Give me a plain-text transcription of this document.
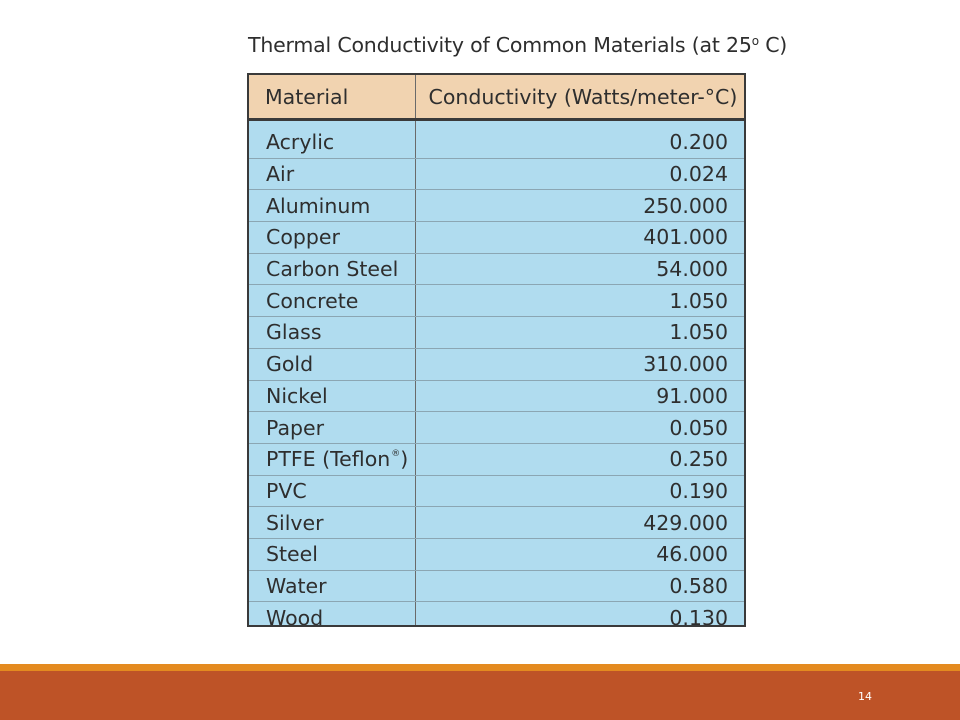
Thermal Conductivity of Common Materials (at 25$^o$ C)
Material	Conductivity (Watts/meter-°C)
Acrylic	0.200
Air	0.024
Aluminum	250.000
Copper	401.000
Carbon Steel	54.000
Concrete	1.050
Glass	1.050
Gold	310.000
Nickel	91.000
Paper	0.050
PTFE (Teflon®)	0.250
PVC	0.190
Silver	429.000
Steel	46.000
Water	0.580
Wood	0.130
14
